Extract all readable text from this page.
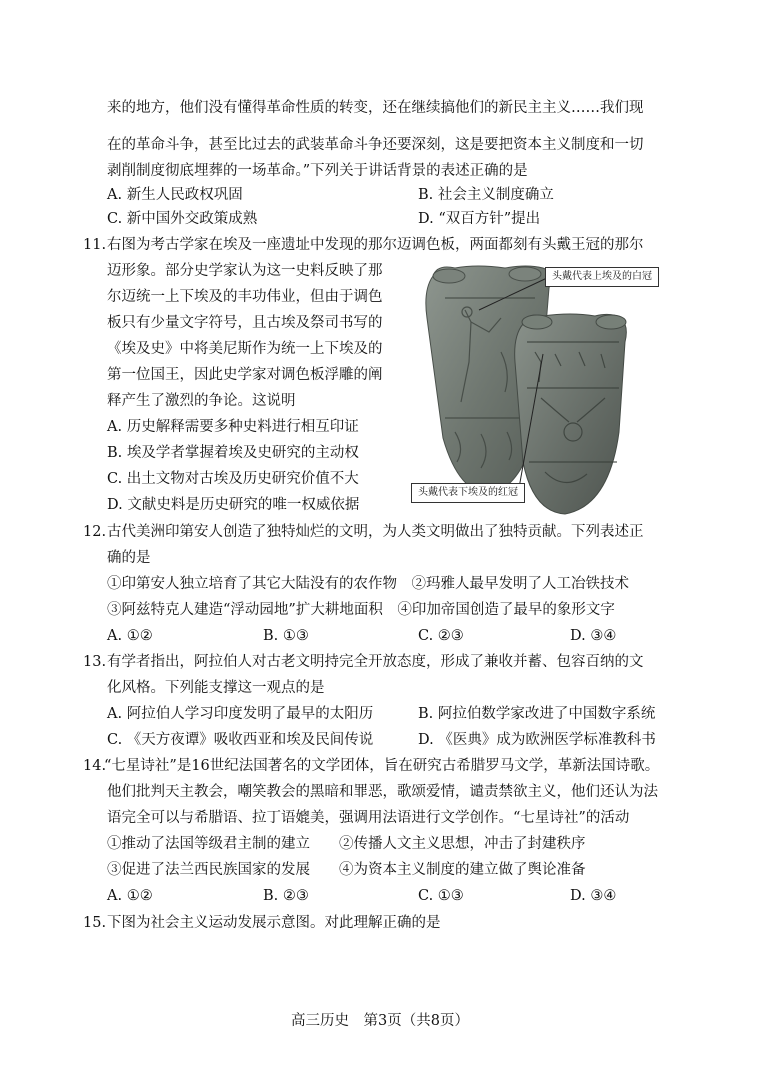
来的地方，他们没有懂得革命性质的转变，还在继续搞他们的新民主主义……我们现
在的革命斗争，甚至比过去的武装革命斗争还要深刻，这是要把资本主义制度和一切
剥削制度彻底埋葬的一场革命。”下列关于讲话背景的表述正确的是
A. 新生人民政权巩固	B. 社会主义制度确立
C. 新中国外交政策成熟	D. “双百方针”提出
11. 右图为考古学家在埃及一座遗址中发现的那尔迈调色板，两面都刻有头戴王冠的那尔
迈形象。部分史学家认为这一史料反映了那
尔迈统一上下埃及的丰功伟业，但由于调色
板只有少量文字符号，且古埃及祭司书写的
《埃及史》中将美尼斯作为统一上下埃及的
第一位国王，因此史学家对调色板浮雕的阐
释产生了激烈的争论。这说明
A. 历史解释需要多种史料进行相互印证
B. 埃及学者掌握着埃及史研究的主动权
C. 出土文物对古埃及历史研究价值不大
D. 文献史料是历史研究的唯一权威依据
头戴代表上埃及的白冠
头戴代表下埃及的红冠
12. 古代美洲印第安人创造了独特灿烂的文明，为人类文明做出了独特贡献。下列表述正
确的是
①印第安人独立培育了其它大陆没有的农作物　②玛雅人最早发明了人工冶铁技术
③阿兹特克人建造“浮动园地”扩大耕地面积　④印加帝国创造了最早的象形文字
A. ①②	B. ①③	C. ②③	D. ③④
13. 有学者指出，阿拉伯人对古老文明持完全开放态度，形成了兼收并蓄、包容百纳的文
化风格。下列能支撑这一观点的是
A. 阿拉伯人学习印度发明了最早的太阳历	B. 阿拉伯数学家改进了中国数字系统
C. 《天方夜谭》吸收西亚和埃及民间传说	D. 《医典》成为欧洲医学标准教科书
14.
“七星诗社”是16世纪法国著名的文学团体，旨在研究古希腊罗马文学，革新法国诗歌。
他们批判天主教会，嘲笑教会的黑暗和罪恶，歌颂爱情，谴责禁欲主义，他们还认为法
语完全可以与希腊语、拉丁语媲美，强调用法语进行文学创作。“七星诗社”的活动
①推动了法国等级君主制的建立　　②传播人文主义思想，冲击了封建秩序
③促进了法兰西民族国家的发展　　④为资本主义制度的建立做了舆论准备
A. ①②	B. ②③	C. ①③	D. ③④
15. 下图为社会主义运动发展示意图。对此理解正确的是
高三历史　第3页（共8页）
